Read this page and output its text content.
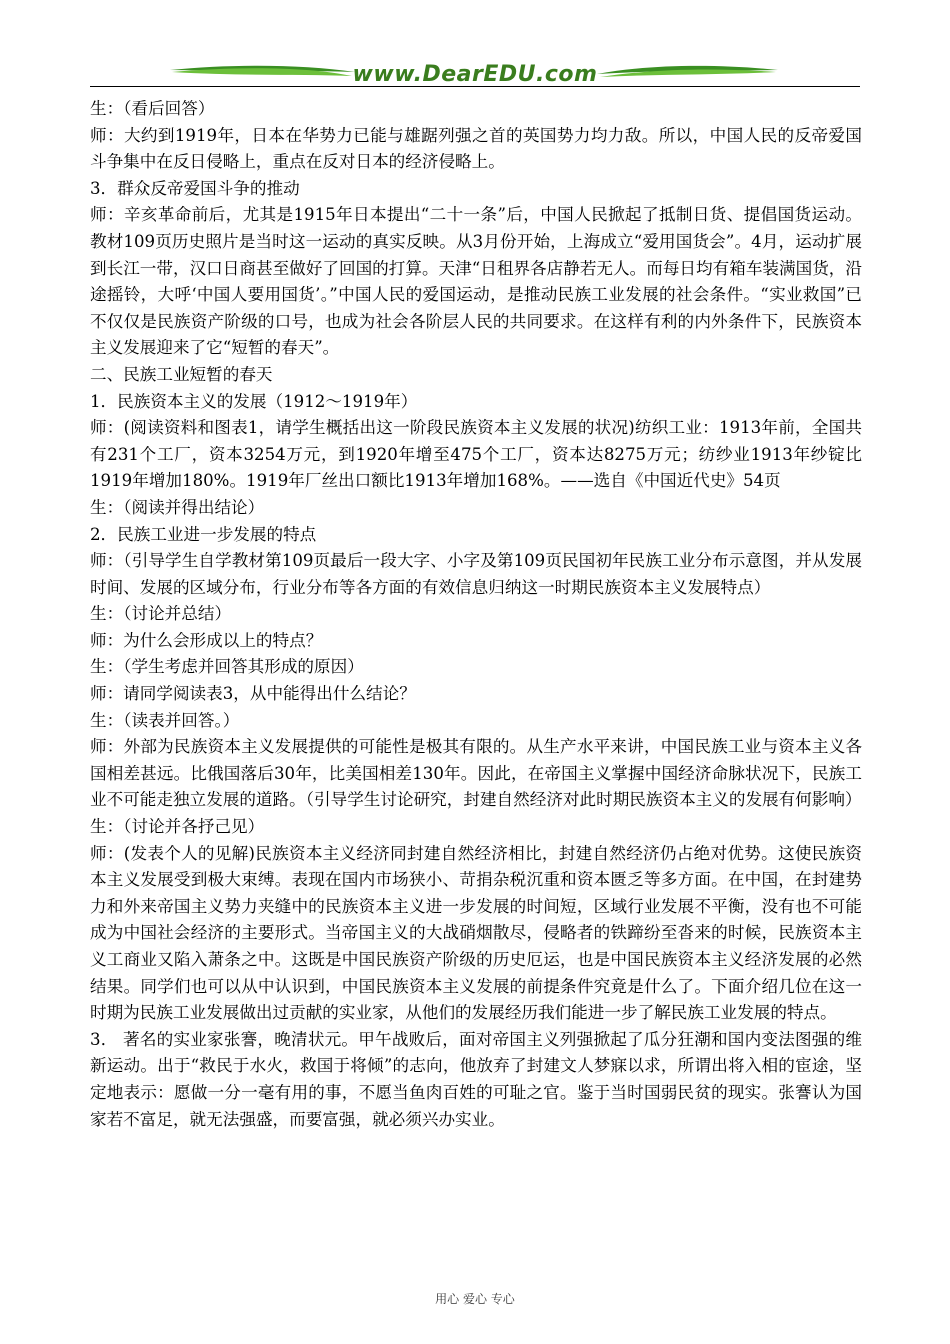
www.DearEDU.com

生：（看后回答）

师：大约到1919年，日本在华势力已能与雄踞列强之首的英国势力均力敌。所以，中国人民的反帝爱国斗争集中在反日侵略上，重点在反对日本的经济侵略上。

3．群众反帝爱国斗争的推动

师：辛亥革命前后，尤其是1915年日本提出“二十一条”后，中国人民掀起了抵制日货、提倡国货运动。教材109页历史照片是当时这一运动的真实反映。从3月份开始，上海成立“爱用国货会”。4月，运动扩展到长江一带，汉口日商甚至做好了回国的打算。天津“日租界各店静若无人。而每日均有箱车装满国货，沿途摇铃，大呼‘中国人要用国货’。”中国人民的爱国运动，是推动民族工业发展的社会条件。“实业救国”已不仅仅是民族资产阶级的口号，也成为社会各阶层人民的共同要求。在这样有利的内外条件下，民族资本主义发展迎来了它“短暂的春天”。

二、民族工业短暂的春天

1．民族资本主义的发展（1912～1919年）

师：(阅读资料和图表1，请学生概括出这一阶段民族资本主义发展的状况)纺织工业：1913年前，全国共有231个工厂，资本3254万元，到1920年增至475个工厂，资本达8275万元；纺纱业1913年纱锭比1919年增加180%。1919年厂丝出口额比1913年增加168%。——选自《中国近代史》54页

生：（阅读并得出结论）

2．民族工业进一步发展的特点

师：（引导学生自学教材第109页最后一段大字、小字及第109页民国初年民族工业分布示意图，并从发展时间、发展的区域分布，行业分布等各方面的有效信息归纳这一时期民族资本主义发展特点）

生：（讨论并总结）

师：为什么会形成以上的特点？

生：（学生考虑并回答其形成的原因）

师：请同学阅读表3，从中能得出什么结论？

生：（读表并回答。）

师：外部为民族资本主义发展提供的可能性是极其有限的。从生产水平来讲，中国民族工业与资本主义各国相差甚远。比俄国落后30年，比美国相差130年。因此，在帝国主义掌握中国经济命脉状况下，民族工业不可能走独立发展的道路。（引导学生讨论研究，封建自然经济对此时期民族资本主义的发展有何影响）

生：（讨论并各抒己见）

师：(发表个人的见解)民族资本主义经济同封建自然经济相比，封建自然经济仍占绝对优势。这使民族资本主义发展受到极大束缚。表现在国内市场狭小、苛捐杂税沉重和资本匮乏等多方面。在中国，在封建势力和外来帝国主义势力夹缝中的民族资本主义进一步发展的时间短，区域行业发展不平衡，没有也不可能成为中国社会经济的主要形式。当帝国主义的大战硝烟散尽，侵略者的铁蹄纷至沓来的时候，民族资本主义工商业又陷入萧条之中。这既是中国民族资产阶级的历史厄运，也是中国民族资本主义经济发展的必然结果。同学们也可以从中认识到，中国民族资本主义发展的前提条件究竟是什么了。下面介绍几位在这一时期为民族工业发展做出过贡献的实业家，从他们的发展经历我们能进一步了解民族工业发展的特点。

3． 著名的实业家张謇，晚清状元。甲午战败后，面对帝国主义列强掀起了瓜分狂潮和国内变法图强的维新运动。出于“救民于水火，救国于将倾”的志向，他放弃了封建文人梦寐以求，所谓出将入相的宦途，坚定地表示：愿做一分一毫有用的事，不愿当鱼肉百姓的可耻之官。鉴于当时国弱民贫的现实。张謇认为国家若不富足，就无法强盛，而要富强，就必须兴办实业。

用心 爱心 专心
